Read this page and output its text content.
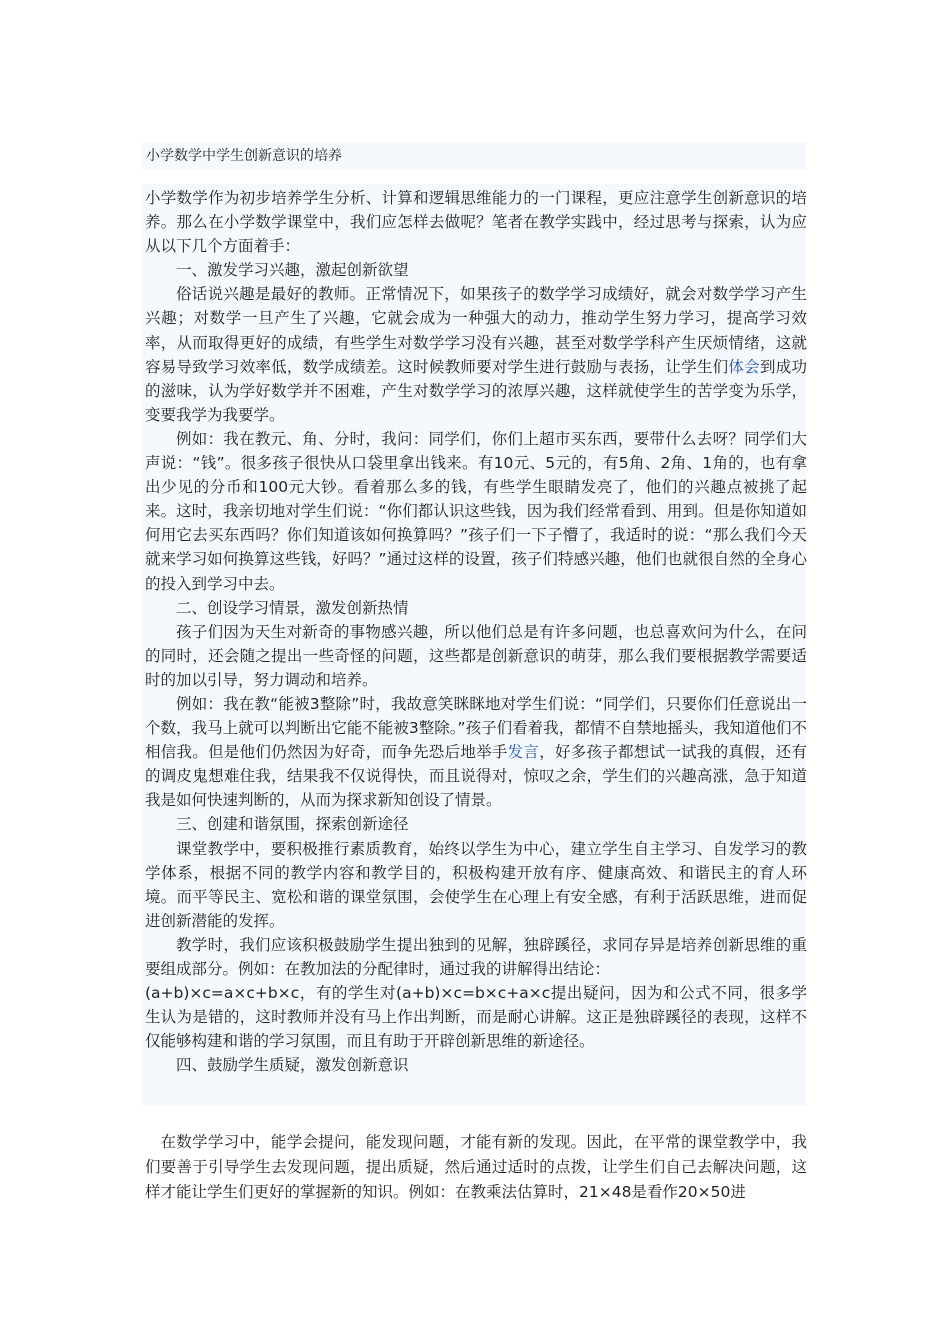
小学数学中学生创新意识的培养

小学数学作为初步培养学生分析、计算和逻辑思维能力的一门课程，更应注意学生创新意识的培养。那么在小学数学课堂中，我们应怎样去做呢？笔者在教学实践中，经过思考与探索，认为应从以下几个方面着手：

一、激发学习兴趣，激起创新欲望

俗话说兴趣是最好的教师。正常情况下，如果孩子的数学学习成绩好，就会对数学学习产生兴趣；对数学一旦产生了兴趣，它就会成为一种强大的动力，推动学生努力学习，提高学习效率，从而取得更好的成绩，有些学生对数学学习没有兴趣，甚至对数学学科产生厌烦情绪，这就容易导致学习效率低，数学成绩差。这时候教师要对学生进行鼓励与表扬，让学生们体会到成功的滋味，认为学好数学并不困难，产生对数学学习的浓厚兴趣，这样就使学生的苦学变为乐学，变要我学为我要学。

例如：我在教元、角、分时，我问：同学们，你们上超市买东西，要带什么去呀？同学们大声说：“钱”。很多孩子很快从口袋里拿出钱来。有10元、5元的，有5角、2角、1角的，也有拿出少见的分币和100元大钞。看着那么多的钱，有些学生眼睛发亮了，他们的兴趣点被挑了起来。这时，我亲切地对学生们说：“你们都认识这些钱，因为我们经常看到、用到。但是你知道如何用它去买东西吗？你们知道该如何换算吗？”孩子们一下子懵了，我适时的说：“那么我们今天就来学习如何换算这些钱，好吗？”通过这样的设置，孩子们特感兴趣，他们也就很自然的全身心的投入到学习中去。

二、创设学习情景，激发创新热情

孩子们因为天生对新奇的事物感兴趣，所以他们总是有许多问题，也总喜欢问为什么，在问的同时，还会随之提出一些奇怪的问题，这些都是创新意识的萌芽，那么我们要根据教学需要适时的加以引导，努力调动和培养。

例如：我在教“能被3整除”时，我故意笑眯眯地对学生们说：“同学们，只要你们任意说出一个数，我马上就可以判断出它能不能被3整除。”孩子们看着我，都情不自禁地摇头，我知道他们不相信我。但是他们仍然因为好奇，而争先恐后地举手发言，好多孩子都想试一试我的真假，还有的调皮鬼想难住我，结果我不仅说得快，而且说得对，惊叹之余，学生们的兴趣高涨，急于知道我是如何快速判断的，从而为探求新知创设了情景。

三、创建和谐氛围，探索创新途径

课堂教学中，要积极推行素质教育，始终以学生为中心，建立学生自主学习、自发学习的教学体系，根据不同的教学内容和教学目的，积极构建开放有序、健康高效、和谐民主的育人环境。而平等民主、宽松和谐的课堂氛围，会使学生在心理上有安全感，有利于活跃思维，进而促进创新潜能的发挥。

教学时，我们应该积极鼓励学生提出独到的见解，独辟蹊径，求同存异是培养创新思维的重要组成部分。例如：在教加法的分配律时，通过我的讲解得出结论：

(a+b)×c=a×c+b×c，有的学生对(a+b)×c=b×c+a×c提出疑问，因为和公式不同，很多学生认为是错的，这时教师并没有马上作出判断，而是耐心讲解。这正是独辟蹊径的表现，这样不仅能够构建和谐的学习氛围，而且有助于开辟创新思维的新途径。

四、鼓励学生质疑，激发创新意识

在数学学习中，能学会提问，能发现问题，才能有新的发现。因此，在平常的课堂教学中，我们要善于引导学生去发现问题，提出质疑，然后通过适时的点拨，让学生们自己去解决问题，这样才能让学生们更好的掌握新的知识。例如：在教乘法估算时，21×48是看作20×50进
